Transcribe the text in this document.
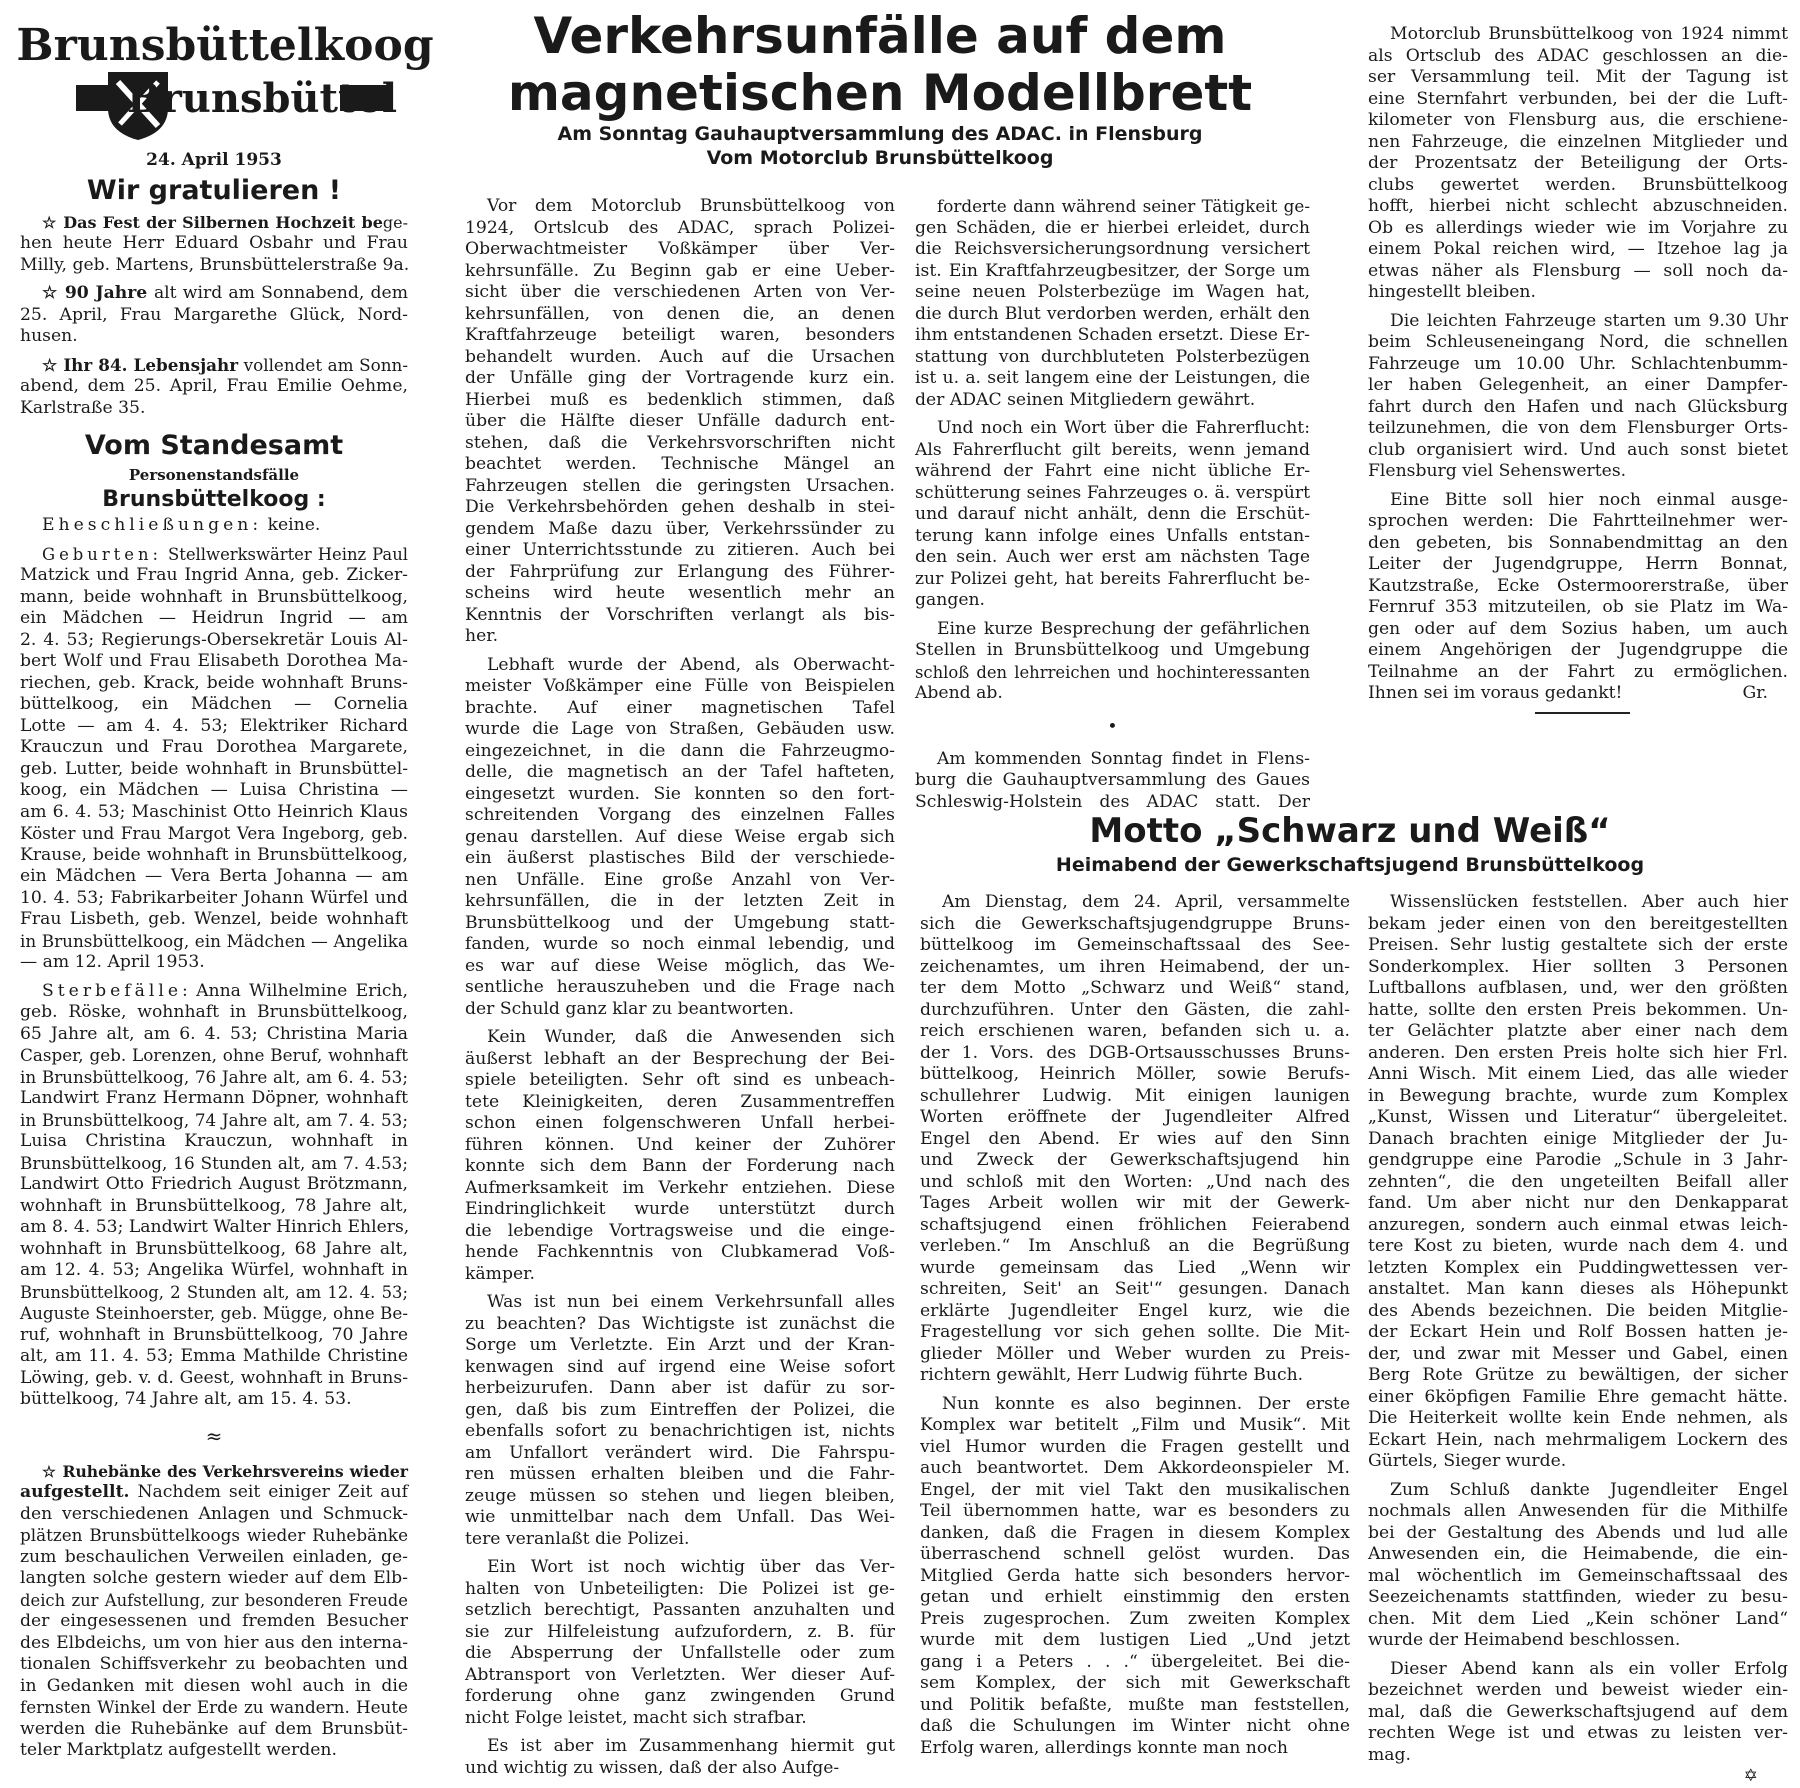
Brunsbüttelkoog
Brunsbüttel
24. April 1953
Wir gratulieren !
☆ Das Fest der Silbernen Hochzeit bege-
hen heute Herr Eduard Osbahr und Frau
Milly, geb. Martens, Brunsbüttelerstraße 9a.
☆ 90 Jahre alt wird am Sonnabend, dem
25. April, Frau Margarethe Glück, Nord-
husen.
☆ Ihr 84. Lebensjahr vollendet am Sonn-
abend, dem 25. April, Frau Emilie Oehme,
Karlstraße 35.
Vom Standesamt
Personenstandsfälle
Brunsbüttelkoog :
Eheschließungen: keine.
Geburten: Stellwerkswärter Heinz Paul
Matzick und Frau Ingrid Anna, geb. Zicker-
mann, beide wohnhaft in Brunsbüttelkoog,
ein Mädchen — Heidrun Ingrid — am
2. 4. 53; Regierungs-Obersekretär Louis Al-
bert Wolf und Frau Elisabeth Dorothea Ma-
riechen, geb. Krack, beide wohnhaft Bruns-
büttelkoog, ein Mädchen — Cornelia
Lotte — am 4. 4. 53; Elektriker Richard
Krauczun und Frau Dorothea Margarete,
geb. Lutter, beide wohnhaft in Brunsbüttel-
koog, ein Mädchen — Luisa Christina —
am 6. 4. 53; Maschinist Otto Heinrich Klaus
Köster und Frau Margot Vera Ingeborg, geb.
Krause, beide wohnhaft in Brunsbüttelkoog,
ein Mädchen — Vera Berta Johanna — am
10. 4. 53; Fabrikarbeiter Johann Würfel und
Frau Lisbeth, geb. Wenzel, beide wohnhaft
in Brunsbüttelkoog, ein Mädchen — Angelika
— am 12. April 1953.
Sterbefälle: Anna Wilhelmine Erich,
geb. Röske, wohnhaft in Brunsbüttelkoog,
65 Jahre alt, am 6. 4. 53; Christina Maria
Casper, geb. Lorenzen, ohne Beruf, wohnhaft
in Brunsbüttelkoog, 76 Jahre alt, am 6. 4. 53;
Landwirt Franz Hermann Döpner, wohnhaft
in Brunsbüttelkoog, 74 Jahre alt, am 7. 4. 53;
Luisa Christina Krauczun, wohnhaft in
Brunsbüttelkoog, 16 Stunden alt, am 7. 4.53;
Landwirt Otto Friedrich August Brötzmann,
wohnhaft in Brunsbüttelkoog, 78 Jahre alt,
am 8. 4. 53; Landwirt Walter Hinrich Ehlers,
wohnhaft in Brunsbüttelkoog, 68 Jahre alt,
am 12. 4. 53; Angelika Würfel, wohnhaft in
Brunsbüttelkoog, 2 Stunden alt, am 12. 4. 53;
Auguste Steinhoerster, geb. Mügge, ohne Be-
ruf, wohnhaft in Brunsbüttelkoog, 70 Jahre
alt, am 11. 4. 53; Emma Mathilde Christine
Löwing, geb. v. d. Geest, wohnhaft in Bruns-
büttelkoog, 74 Jahre alt, am 15. 4. 53.
≈
☆ Ruhebänke des Verkehrsvereins wieder
aufgestellt. Nachdem seit einiger Zeit auf
den verschiedenen Anlagen und Schmuck-
plätzen Brunsbüttelkoogs wieder Ruhebänke
zum beschaulichen Verweilen einladen, ge-
langten solche gestern wieder auf dem Elb-
deich zur Aufstellung, zur besonderen Freude
der eingesessenen und fremden Besucher
des Elbdeichs, um von hier aus den interna-
tionalen Schiffsverkehr zu beobachten und
in Gedanken mit diesen wohl auch in die
fernsten Winkel der Erde zu wandern. Heute
werden die Ruhebänke auf dem Brunsbüt-
teler Marktplatz aufgestellt werden.
Verkehrsunfälle auf dem
magnetischen Modellbrett
Am Sonntag Gauhauptversammlung des ADAC. in Flensburg
Vom Motorclub Brunsbüttelkoog
Vor dem Motorclub Brunsbüttelkoog von
1924, Ortslcub des ADAC, sprach Polizei-
Oberwachtmeister Voßkämper über Ver-
kehrsunfälle. Zu Beginn gab er eine Ueber-
sicht über die verschiedenen Arten von Ver-
kehrsunfällen, von denen die, an denen
Kraftfahrzeuge beteiligt waren, besonders
behandelt wurden. Auch auf die Ursachen
der Unfälle ging der Vortragende kurz ein.
Hierbei muß es bedenklich stimmen, daß
über die Hälfte dieser Unfälle dadurch ent-
stehen, daß die Verkehrsvorschriften nicht
beachtet werden. Technische Mängel an
Fahrzeugen stellen die geringsten Ursachen.
Die Verkehrsbehörden gehen deshalb in stei-
gendem Maße dazu über, Verkehrssünder zu
einer Unterrichtsstunde zu zitieren. Auch bei
der Fahrprüfung zur Erlangung des Führer-
scheins wird heute wesentlich mehr an
Kenntnis der Vorschriften verlangt als bis-
her.
Lebhaft wurde der Abend, als Oberwacht-
meister Voßkämper eine Fülle von Beispielen
brachte. Auf einer magnetischen Tafel
wurde die Lage von Straßen, Gebäuden usw.
eingezeichnet, in die dann die Fahrzeugmo-
delle, die magnetisch an der Tafel hafteten,
eingesetzt wurden. Sie konnten so den fort-
schreitenden Vorgang des einzelnen Falles
genau darstellen. Auf diese Weise ergab sich
ein äußerst plastisches Bild der verschiede-
nen Unfälle. Eine große Anzahl von Ver-
kehrsunfällen, die in der letzten Zeit in
Brunsbüttelkoog und der Umgebung statt-
fanden, wurde so noch einmal lebendig, und
es war auf diese Weise möglich, das We-
sentliche herauszuheben und die Frage nach
der Schuld ganz klar zu beantworten.
Kein Wunder, daß die Anwesenden sich
äußerst lebhaft an der Besprechung der Bei-
spiele beteiligten. Sehr oft sind es unbeach-
tete Kleinigkeiten, deren Zusammentreffen
schon einen folgenschweren Unfall herbei-
führen können. Und keiner der Zuhörer
konnte sich dem Bann der Forderung nach
Aufmerksamkeit im Verkehr entziehen. Diese
Eindringlichkeit wurde unterstützt durch
die lebendige Vortragsweise und die einge-
hende Fachkenntnis von Clubkamerad Voß-
kämper.
Was ist nun bei einem Verkehrsunfall alles
zu beachten? Das Wichtigste ist zunächst die
Sorge um Verletzte. Ein Arzt und der Kran-
kenwagen sind auf irgend eine Weise sofort
herbeizurufen. Dann aber ist dafür zu sor-
gen, daß bis zum Eintreffen der Polizei, die
ebenfalls sofort zu benachrichtigen ist, nichts
am Unfallort verändert wird. Die Fahrspu-
ren müssen erhalten bleiben und die Fahr-
zeuge müssen so stehen und liegen bleiben,
wie unmittelbar nach dem Unfall. Das Wei-
tere veranlaßt die Polizei.
Ein Wort ist noch wichtig über das Ver-
halten von Unbeteiligten: Die Polizei ist ge-
setzlich berechtigt, Passanten anzuhalten und
sie zur Hilfeleistung aufzufordern, z. B. für
die Absperrung der Unfallstelle oder zum
Abtransport von Verletzten. Wer dieser Auf-
forderung ohne ganz zwingenden Grund
nicht Folge leistet, macht sich strafbar.
Es ist aber im Zusammenhang hiermit gut
und wichtig zu wissen, daß der also Aufge-
forderte dann während seiner Tätigkeit ge-
gen Schäden, die er hierbei erleidet, durch
die Reichsversicherungsordnung versichert
ist. Ein Kraftfahrzeugbesitzer, der Sorge um
seine neuen Polsterbezüge im Wagen hat,
die durch Blut verdorben werden, erhält den
ihm entstandenen Schaden ersetzt. Diese Er-
stattung von durchbluteten Polsterbezügen
ist u. a. seit langem eine der Leistungen, die
der ADAC seinen Mitgliedern gewährt.
Und noch ein Wort über die Fahrerflucht:
Als Fahrerflucht gilt bereits, wenn jemand
während der Fahrt eine nicht übliche Er-
schütterung seines Fahrzeuges o. ä. verspürt
und darauf nicht anhält, denn die Erschüt-
terung kann infolge eines Unfalls entstan-
den sein. Auch wer erst am nächsten Tage
zur Polizei geht, hat bereits Fahrerflucht be-
gangen.
Eine kurze Besprechung der gefährlichen
Stellen in Brunsbüttelkoog und Umgebung
schloß den lehrreichen und hochinteressanten
Abend ab.
•
Am kommenden Sonntag findet in Flens-
burg die Gauhauptversammlung des Gaues
Schleswig-Holstein des ADAC statt. Der
Motorclub Brunsbüttelkoog von 1924 nimmt
als Ortsclub des ADAC geschlossen an die-
ser Versammlung teil. Mit der Tagung ist
eine Sternfahrt verbunden, bei der die Luft-
kilometer von Flensburg aus, die erschiene-
nen Fahrzeuge, die einzelnen Mitglieder und
der Prozentsatz der Beteiligung der Orts-
clubs gewertet werden. Brunsbüttelkoog
hofft, hierbei nicht schlecht abzuschneiden.
Ob es allerdings wieder wie im Vorjahre zu
einem Pokal reichen wird, — Itzehoe lag ja
etwas näher als Flensburg — soll noch da-
hingestellt bleiben.
Die leichten Fahrzeuge starten um 9.30 Uhr
beim Schleuseneingang Nord, die schnellen
Fahrzeuge um 10.00 Uhr. Schlachtenbumm-
ler haben Gelegenheit, an einer Dampfer-
fahrt durch den Hafen und nach Glücksburg
teilzunehmen, die von dem Flensburger Orts-
club organisiert wird. Und auch sonst bietet
Flensburg viel Sehenswertes.
Eine Bitte soll hier noch einmal ausge-
sprochen werden: Die Fahrtteilnehmer wer-
den gebeten, bis Sonnabendmittag an den
Leiter der Jugendgruppe, Herrn Bonnat,
Kautzstraße, Ecke Ostermoorerstraße, über
Fernruf 353 mitzuteilen, ob sie Platz im Wa-
gen oder auf dem Sozius haben, um auch
einem Angehörigen der Jugendgruppe die
Teilnahme an der Fahrt zu ermöglichen.
Ihnen sei im voraus gedankt!	Gr.
Motto „Schwarz und Weiß“
Heimabend der Gewerkschaftsjugend Brunsbüttelkoog
Am Dienstag, dem 24. April, versammelte
sich die Gewerkschaftsjugendgruppe Bruns-
büttelkoog im Gemeinschaftssaal des See-
zeichenamtes, um ihren Heimabend, der un-
ter dem Motto „Schwarz und Weiß“ stand,
durchzuführen. Unter den Gästen, die zahl-
reich erschienen waren, befanden sich u. a.
der 1. Vors. des DGB-Ortsausschusses Bruns-
büttelkoog, Heinrich Möller, sowie Berufs-
schullehrer Ludwig. Mit einigen launigen
Worten eröffnete der Jugendleiter Alfred
Engel den Abend. Er wies auf den Sinn
und Zweck der Gewerkschaftsjugend hin
und schloß mit den Worten: „Und nach des
Tages Arbeit wollen wir mit der Gewerk-
schaftsjugend einen fröhlichen Feierabend
verleben.“ Im Anschluß an die Begrüßung
wurde gemeinsam das Lied „Wenn wir
schreiten, Seit' an Seit'“ gesungen. Danach
erklärte Jugendleiter Engel kurz, wie die
Fragestellung vor sich gehen sollte. Die Mit-
glieder Möller und Weber wurden zu Preis-
richtern gewählt, Herr Ludwig führte Buch.
Nun konnte es also beginnen. Der erste
Komplex war betitelt „Film und Musik“. Mit
viel Humor wurden die Fragen gestellt und
auch beantwortet. Dem Akkordeonspieler M.
Engel, der mit viel Takt den musikalischen
Teil übernommen hatte, war es besonders zu
danken, daß die Fragen in diesem Komplex
überraschend schnell gelöst wurden. Das
Mitglied Gerda hatte sich besonders hervor-
getan und erhielt einstimmig den ersten
Preis zugesprochen. Zum zweiten Komplex
wurde mit dem lustigen Lied „Und jetzt
gang i a Peters . . .“ übergeleitet. Bei die-
sem Komplex, der sich mit Gewerkschaft
und Politik befaßte, mußte man feststellen,
daß die Schulungen im Winter nicht ohne
Erfolg waren, allerdings konnte man noch
Wissenslücken feststellen. Aber auch hier
bekam jeder einen von den bereitgestellten
Preisen. Sehr lustig gestaltete sich der erste
Sonderkomplex. Hier sollten 3 Personen
Luftballons aufblasen, und, wer den größten
hatte, sollte den ersten Preis bekommen. Un-
ter Gelächter platzte aber einer nach dem
anderen. Den ersten Preis holte sich hier Frl.
Anni Wisch. Mit einem Lied, das alle wieder
in Bewegung brachte, wurde zum Komplex
„Kunst, Wissen und Literatur“ übergeleitet.
Danach brachten einige Mitglieder der Ju-
gendgruppe eine Parodie „Schule in 3 Jahr-
zehnten“, die den ungeteilten Beifall aller
fand. Um aber nicht nur den Denkapparat
anzuregen, sondern auch einmal etwas leich-
tere Kost zu bieten, wurde nach dem 4. und
letzten Komplex ein Puddingwettessen ver-
anstaltet. Man kann dieses als Höhepunkt
des Abends bezeichnen. Die beiden Mitglie-
der Eckart Hein und Rolf Bossen hatten je-
der, und zwar mit Messer und Gabel, einen
Berg Rote Grütze zu bewältigen, der sicher
einer 6köpfigen Familie Ehre gemacht hätte.
Die Heiterkeit wollte kein Ende nehmen, als
Eckart Hein, nach mehrmaligem Lockern des
Gürtels, Sieger wurde.
Zum Schluß dankte Jugendleiter Engel
nochmals allen Anwesenden für die Mithilfe
bei der Gestaltung des Abends und lud alle
Anwesenden ein, die Heimabende, die ein-
mal wöchentlich im Gemeinschaftssaal des
Seezeichenamts stattfinden, wieder zu besu-
chen. Mit dem Lied „Kein schöner Land“
wurde der Heimabend beschlossen.
Dieser Abend kann als ein voller Erfolg
bezeichnet werden und beweist wieder ein-
mal, daß die Gewerkschaftsjugend auf dem
rechten Wege ist und etwas zu leisten ver-
mag.
✡
